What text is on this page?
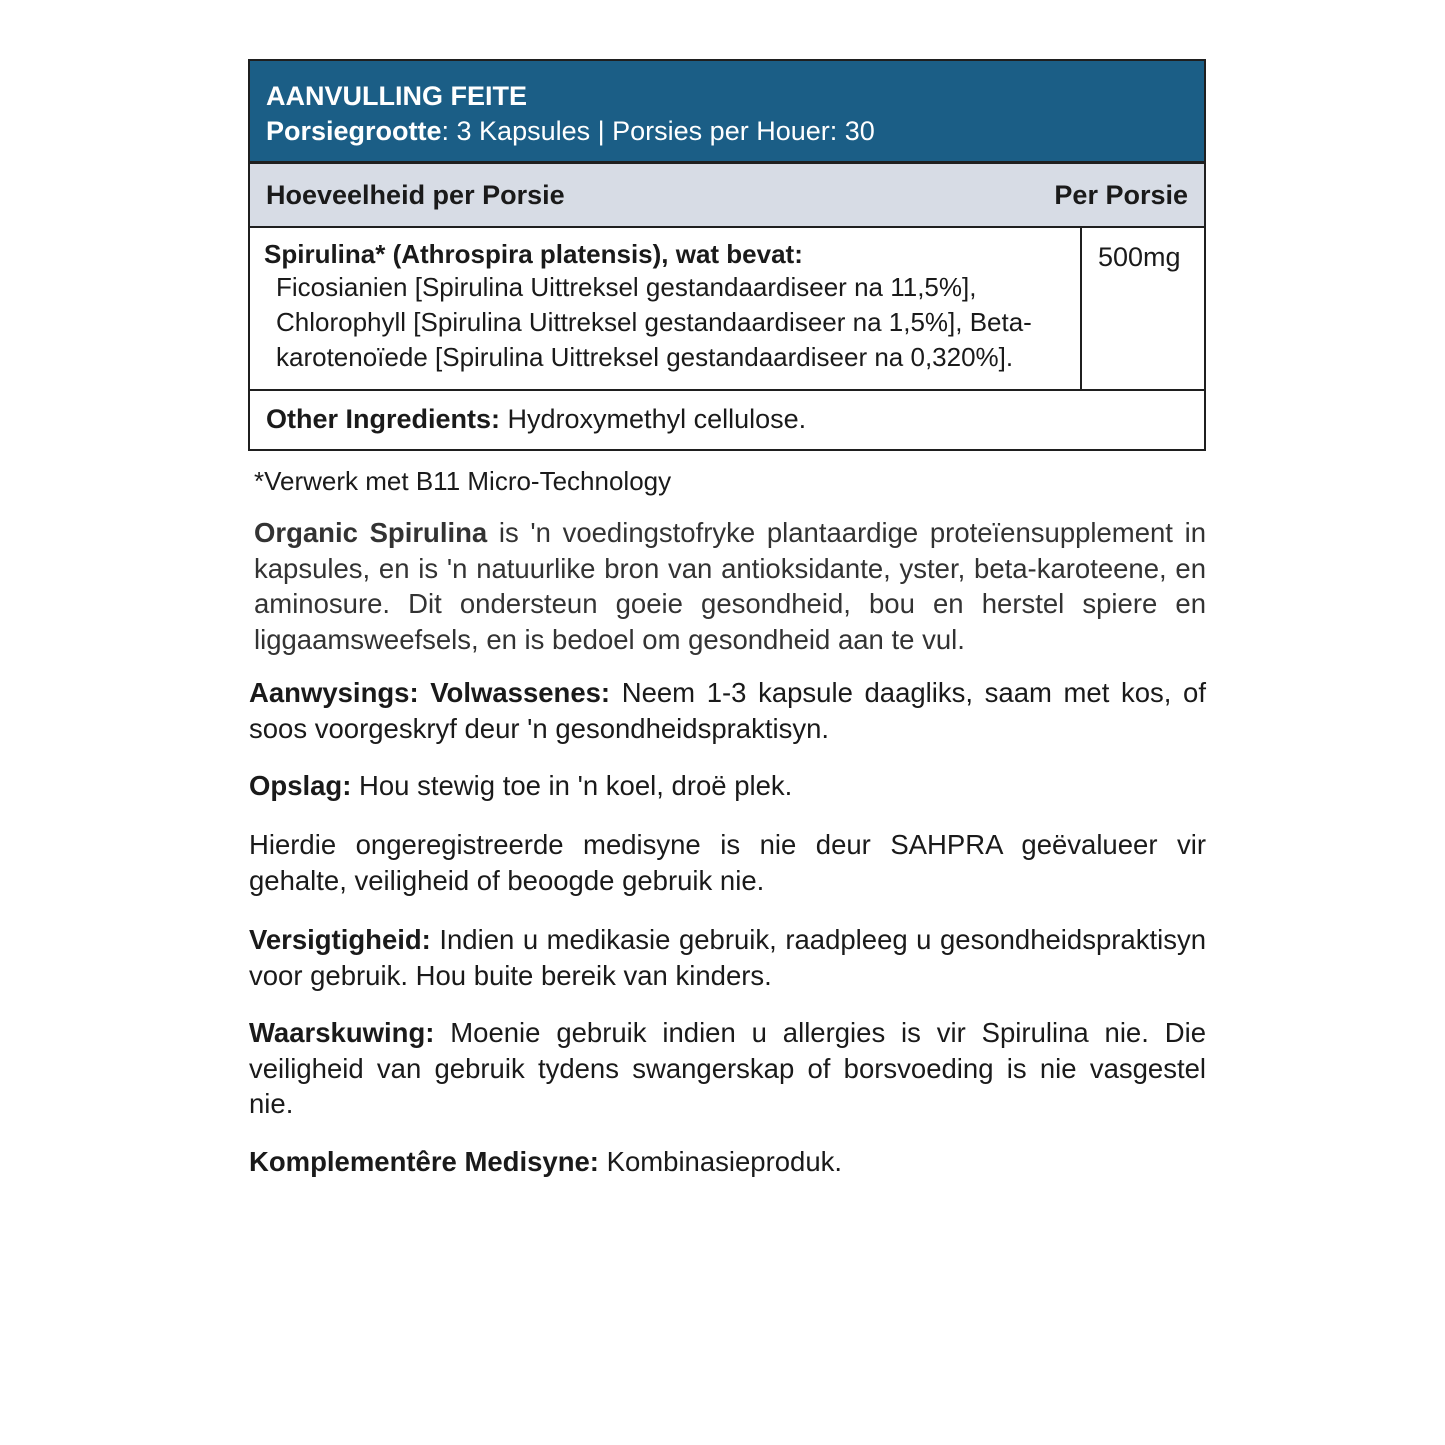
AANVULLING FEITE
Porsiegrootte: 3 Kapsules | Porsies per Houer: 30
Hoeveelheid per Porsie	Per Porsie
Spirulina* (Athrospira platensis), wat bevat:
Ficosianien [Spirulina Uittreksel gestandaardiseer na 11,5%], Chlorophyll [Spirulina Uittreksel gestandaardiseer na 1,5%], Beta-karotenoïede [Spirulina Uittreksel gestandaardiseer na 0,320%].
500mg
Other Ingredients: Hydroxymethyl cellulose.
*Verwerk met B11 Micro-Technology
Organic Spirulina is 'n voedingstofryke plantaardige proteïensupplement in kapsules, en is 'n natuurlike bron van antioksidante, yster, beta-karoteene, en aminosure. Dit ondersteun goeie gesondheid, bou en herstel spiere en liggaamsweefsels, en is bedoel om gesondheid aan te vul.
Aanwysings: Volwassenes: Neem 1-3 kapsule daagliks, saam met kos, of soos voorgeskryf deur 'n gesondheidspraktisyn.
Opslag: Hou stewig toe in 'n koel, droë plek.
Hierdie ongeregistreerde medisyne is nie deur SAHPRA geëvalueer vir gehalte, veiligheid of beoogde gebruik nie.
Versigtigheid: Indien u medikasie gebruik, raadpleeg u gesondheidspraktisyn voor gebruik. Hou buite bereik van kinders.
Waarskuwing: Moenie gebruik indien u allergies is vir Spirulina nie. Die veiligheid van gebruik tydens swangerskap of borsvoeding is nie vasgestel nie.
Komplementêre Medisyne: Kombinasieproduk.
